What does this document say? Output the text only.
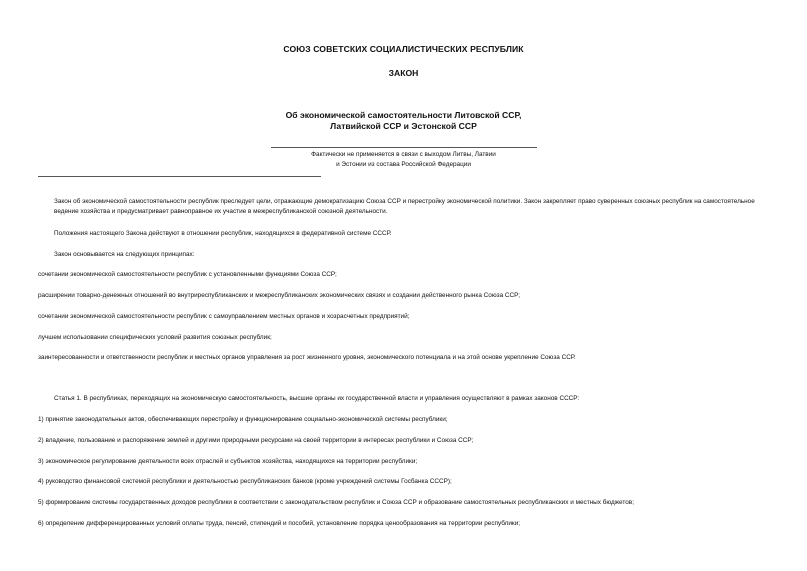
СОЮЗ СОВЕТСКИХ СОЦИАЛИСТИЧЕСКИХ РЕСПУБЛИК
ЗАКОН
Об экономической самостоятельности Литовской ССР,
Латвийской ССР и Эстонской ССР
Фактически не применяется в связи с выходом Литвы, Латвии
и Эстонии из состава Российской Федерации
Закон об экономической самостоятельности республик преследует цели, отражающие демократизацию Союза ССР и перестройку экономической политики. Закон закрепляет право суверенных союзных республик на самостоятельное ведение хозяйства и предусматривает равноправное их участие в межреспубликанской союзной деятельности.
Положения настоящего Закона действуют в отношении республик, находящихся в федеративной системе СССР.
Закон основывается на следующих принципах:
сочетании экономической самостоятельности республик с установленными функциями Союза ССР;
расширении товарно-денежных отношений во внутриреспубликанских и межреспубликанских экономических связях и создании действенного рынка Союза ССР;
сочетании экономической самостоятельности республик с самоуправлением местных органов и хозрасчетных предприятий;
лучшем использовании специфических условий развития союзных республик;
заинтересованности и ответственности республик и местных органов управления за рост жизненного уровня, экономического потенциала и на этой основе укрепление Союза ССР.
Статья 1. В республиках, переходящих на экономическую самостоятельность, высшие органы их государственной власти и управления осуществляют в рамках законов СССР:
1) принятие законодательных актов, обеспечивающих перестройку и функционирование социально-экономической системы республики;
2) владение, пользование и распоряжение землей и другими природными ресурсами на своей территории в интересах республики и Союза ССР;
3) экономическое регулирование деятельности всех отраслей и субъектов хозяйства, находящихся на территории республики;
4) руководство финансовой системой республики и деятельностью республиканских банков (кроме учреждений системы Госбанка СССР);
5) формирование системы государственных доходов республики в соответствии с законодательством республик и Союза ССР и образование самостоятельных республиканских и местных бюджетов;
6) определение дифференцированных условий оплаты труда, пенсий, стипендий и пособий, установление порядка ценообразования на территории республики;
